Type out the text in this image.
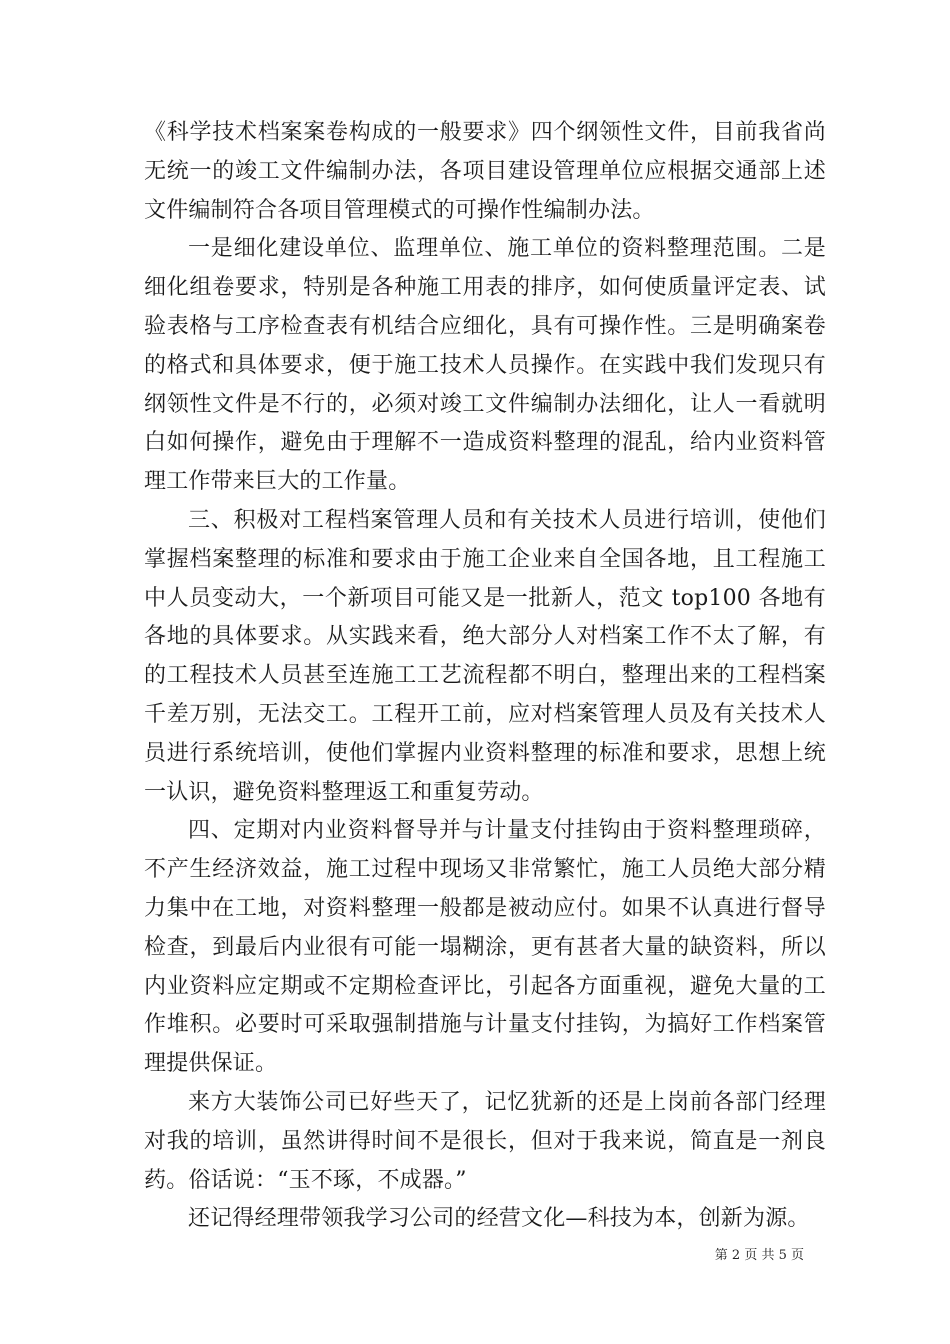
《科学技术档案案卷构成的一般要求》四个纲领性文件，目前我省尚无统一的竣工文件编制办法，各项目建设管理单位应根据交通部上述文件编制符合各项目管理模式的可操作性编制办法。

一是细化建设单位、监理单位、施工单位的资料整理范围。二是细化组卷要求，特别是各种施工用表的排序，如何使质量评定表、试验表格与工序检查表有机结合应细化，具有可操作性。三是明确案卷的格式和具体要求，便于施工技术人员操作。在实践中我们发现只有纲领性文件是不行的，必须对竣工文件编制办法细化，让人一看就明白如何操作，避免由于理解不一造成资料整理的混乱，给内业资料管理工作带来巨大的工作量。

三、积极对工程档案管理人员和有关技术人员进行培训，使他们掌握档案整理的标准和要求由于施工企业来自全国各地，且工程施工中人员变动大，一个新项目可能又是一批新人，范文 top100 各地有各地的具体要求。从实践来看，绝大部分人对档案工作不太了解，有的工程技术人员甚至连施工工艺流程都不明白，整理出来的工程档案千差万别，无法交工。工程开工前，应对档案管理人员及有关技术人员进行系统培训，使他们掌握内业资料整理的标准和要求，思想上统一认识，避免资料整理返工和重复劳动。

四、定期对内业资料督导并与计量支付挂钩由于资料整理琐碎，不产生经济效益，施工过程中现场又非常繁忙，施工人员绝大部分精力集中在工地，对资料整理一般都是被动应付。如果不认真进行督导检查，到最后内业很有可能一塌糊涂，更有甚者大量的缺资料，所以内业资料应定期或不定期检查评比，引起各方面重视，避免大量的工作堆积。必要时可采取强制措施与计量支付挂钩，为搞好工作档案管理提供保证。

来方大装饰公司已好些天了，记忆犹新的还是上岗前各部门经理对我的培训，虽然讲得时间不是很长，但对于我来说，简直是一剂良药。俗话说：“玉不琢，不成器。”

还记得经理带领我学习公司的经营文化—科技为本，创新为源。

第 2 页 共 5 页
